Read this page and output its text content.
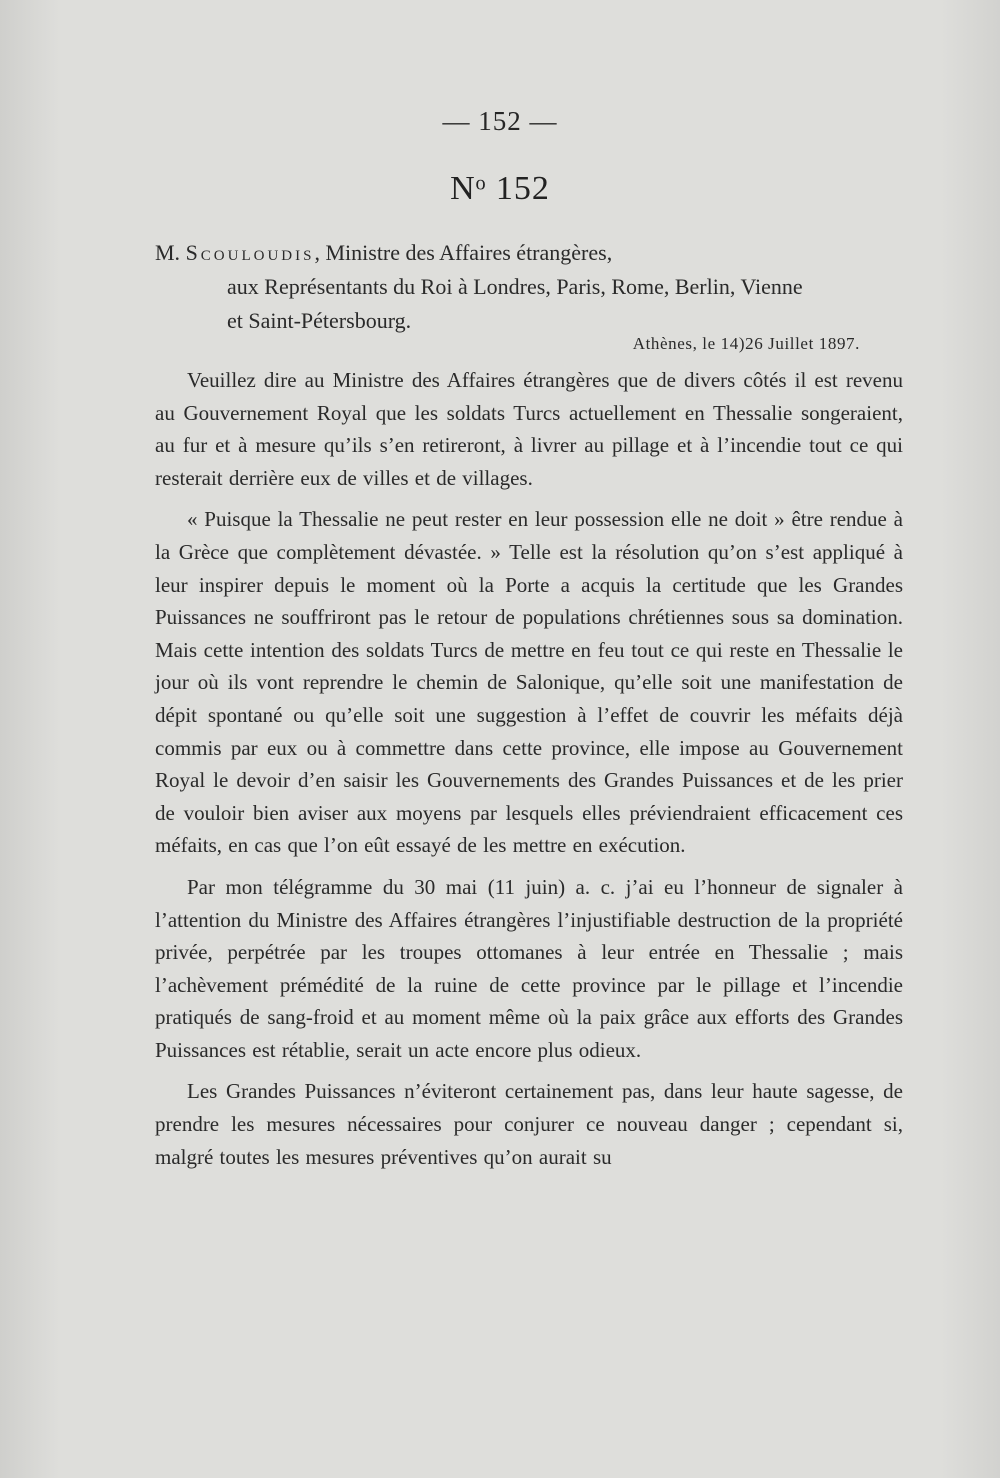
— 152 —
Nᵒ 152
M. Scouloudis, Ministre des Affaires étrangères,
aux Représentants du Roi à Londres, Paris, Rome, Berlin, Vienne
et Saint-Pétersbourg.
Athènes, le 14)26 Juillet 1897.

Veuillez dire au Ministre des Affaires étrangères que de divers côtés il est revenu au Gouvernement Royal que les soldats Turcs actuellement en Thessalie songeraient, au fur et à mesure qu’ils s’en retireront, à livrer au pillage et à l’incendie tout ce qui resterait derrière eux de villes et de villages.

« Puisque la Thessalie ne peut rester en leur possession elle ne doit » être rendue à la Grèce que complètement dévastée. » Telle est la résolution qu’on s’est appliqué à leur inspirer depuis le moment où la Porte a acquis la certitude que les Grandes Puissances ne souffriront pas le retour de populations chrétiennes sous sa domination. Mais cette intention des soldats Turcs de mettre en feu tout ce qui reste en Thessalie le jour où ils vont reprendre le chemin de Salonique, qu’elle soit une manifestation de dépit spontané ou qu’elle soit une suggestion à l’effet de couvrir les méfaits déjà commis par eux ou à commettre dans cette province, elle impose au Gouvernement Royal le devoir d’en saisir les Gouvernements des Grandes Puissances et de les prier de vouloir bien aviser aux moyens par lesquels elles préviendraient efficacement ces méfaits, en cas que l’on eût essayé de les mettre en exécution.

Par mon télégramme du 30 mai (11 juin) a. c. j’ai eu l’honneur de signaler à l’attention du Ministre des Affaires étrangères l’injustifiable destruction de la propriété privée, perpétrée par les troupes ottomanes à leur entrée en Thessalie ; mais l’achèvement prémédité de la ruine de cette province par le pillage et l’incendie pratiqués de sang-froid et au moment même où la paix grâce aux efforts des Grandes Puissances est rétablie, serait un acte encore plus odieux.

Les Grandes Puissances n’éviteront certainement pas, dans leur haute sagesse, de prendre les mesures nécessaires pour conjurer ce nouveau danger ; cependant si, malgré toutes les mesures préventives qu’on aurait su
